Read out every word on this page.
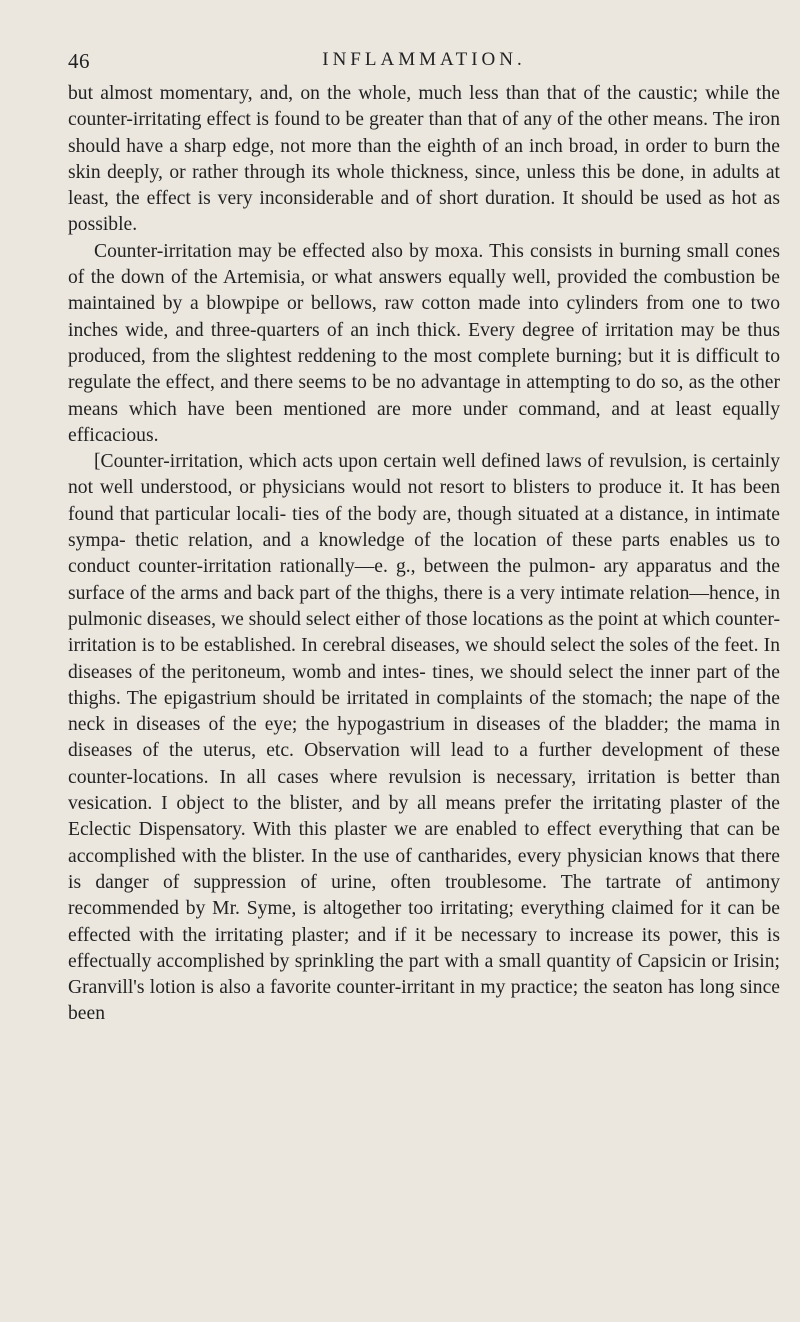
46	INFLAMMATION.

but almost momentary, and, on the whole, much less than that of the caustic; while the counter-irritating effect is found to be greater than that of any of the other means. The iron should have a sharp edge, not more than the eighth of an inch broad, in order to burn the skin deeply, or rather through its whole thickness, since, unless this be done, in adults at least, the effect is very inconsiderable and of short duration. It should be used as hot as possible.

Counter-irritation may be effected also by moxa. This consists in burning small cones of the down of the Artemisia, or what answers equally well, provided the combustion be maintained by a blowpipe or bellows, raw cotton made into cylinders from one to two inches wide, and three-quarters of an inch thick. Every degree of irritation may be thus produced, from the slightest reddening to the most complete burning; but it is difficult to regulate the effect, and there seems to be no advantage in attempting to do so, as the other means which have been mentioned are more under command, and at least equally efficacious.

[Counter-irritation, which acts upon certain well defined laws of revulsion, is certainly not well understood, or physicians would not resort to blisters to produce it. It has been found that particular locali- ties of the body are, though situated at a distance, in intimate sympa- thetic relation, and a knowledge of the location of these parts enables us to conduct counter-irritation rationally—e. g., between the pulmon- ary apparatus and the surface of the arms and back part of the thighs, there is a very intimate relation—hence, in pulmonic diseases, we should select either of those locations as the point at which counter- irritation is to be established. In cerebral diseases, we should select the soles of the feet. In diseases of the peritoneum, womb and intes- tines, we should select the inner part of the thighs. The epigastrium should be irritated in complaints of the stomach; the nape of the neck in diseases of the eye; the hypogastrium in diseases of the bladder; the mama in diseases of the uterus, etc. Observation will lead to a further development of these counter-locations. In all cases where revulsion is necessary, irritation is better than vesication. I object to the blister, and by all means prefer the irritating plaster of the Eclectic Dispensatory. With this plaster we are enabled to effect everything that can be accomplished with the blister. In the use of cantharides, every physician knows that there is danger of suppression of urine, often troublesome. The tartrate of antimony recommended by Mr. Syme, is altogether too irritating; everything claimed for it can be effected with the irritating plaster; and if it be necessary to increase its power, this is effectually accomplished by sprinkling the part with a small quantity of Capsicin or Irisin; Granvill's lotion is also a favorite counter-irritant in my practice; the seaton has long since been
